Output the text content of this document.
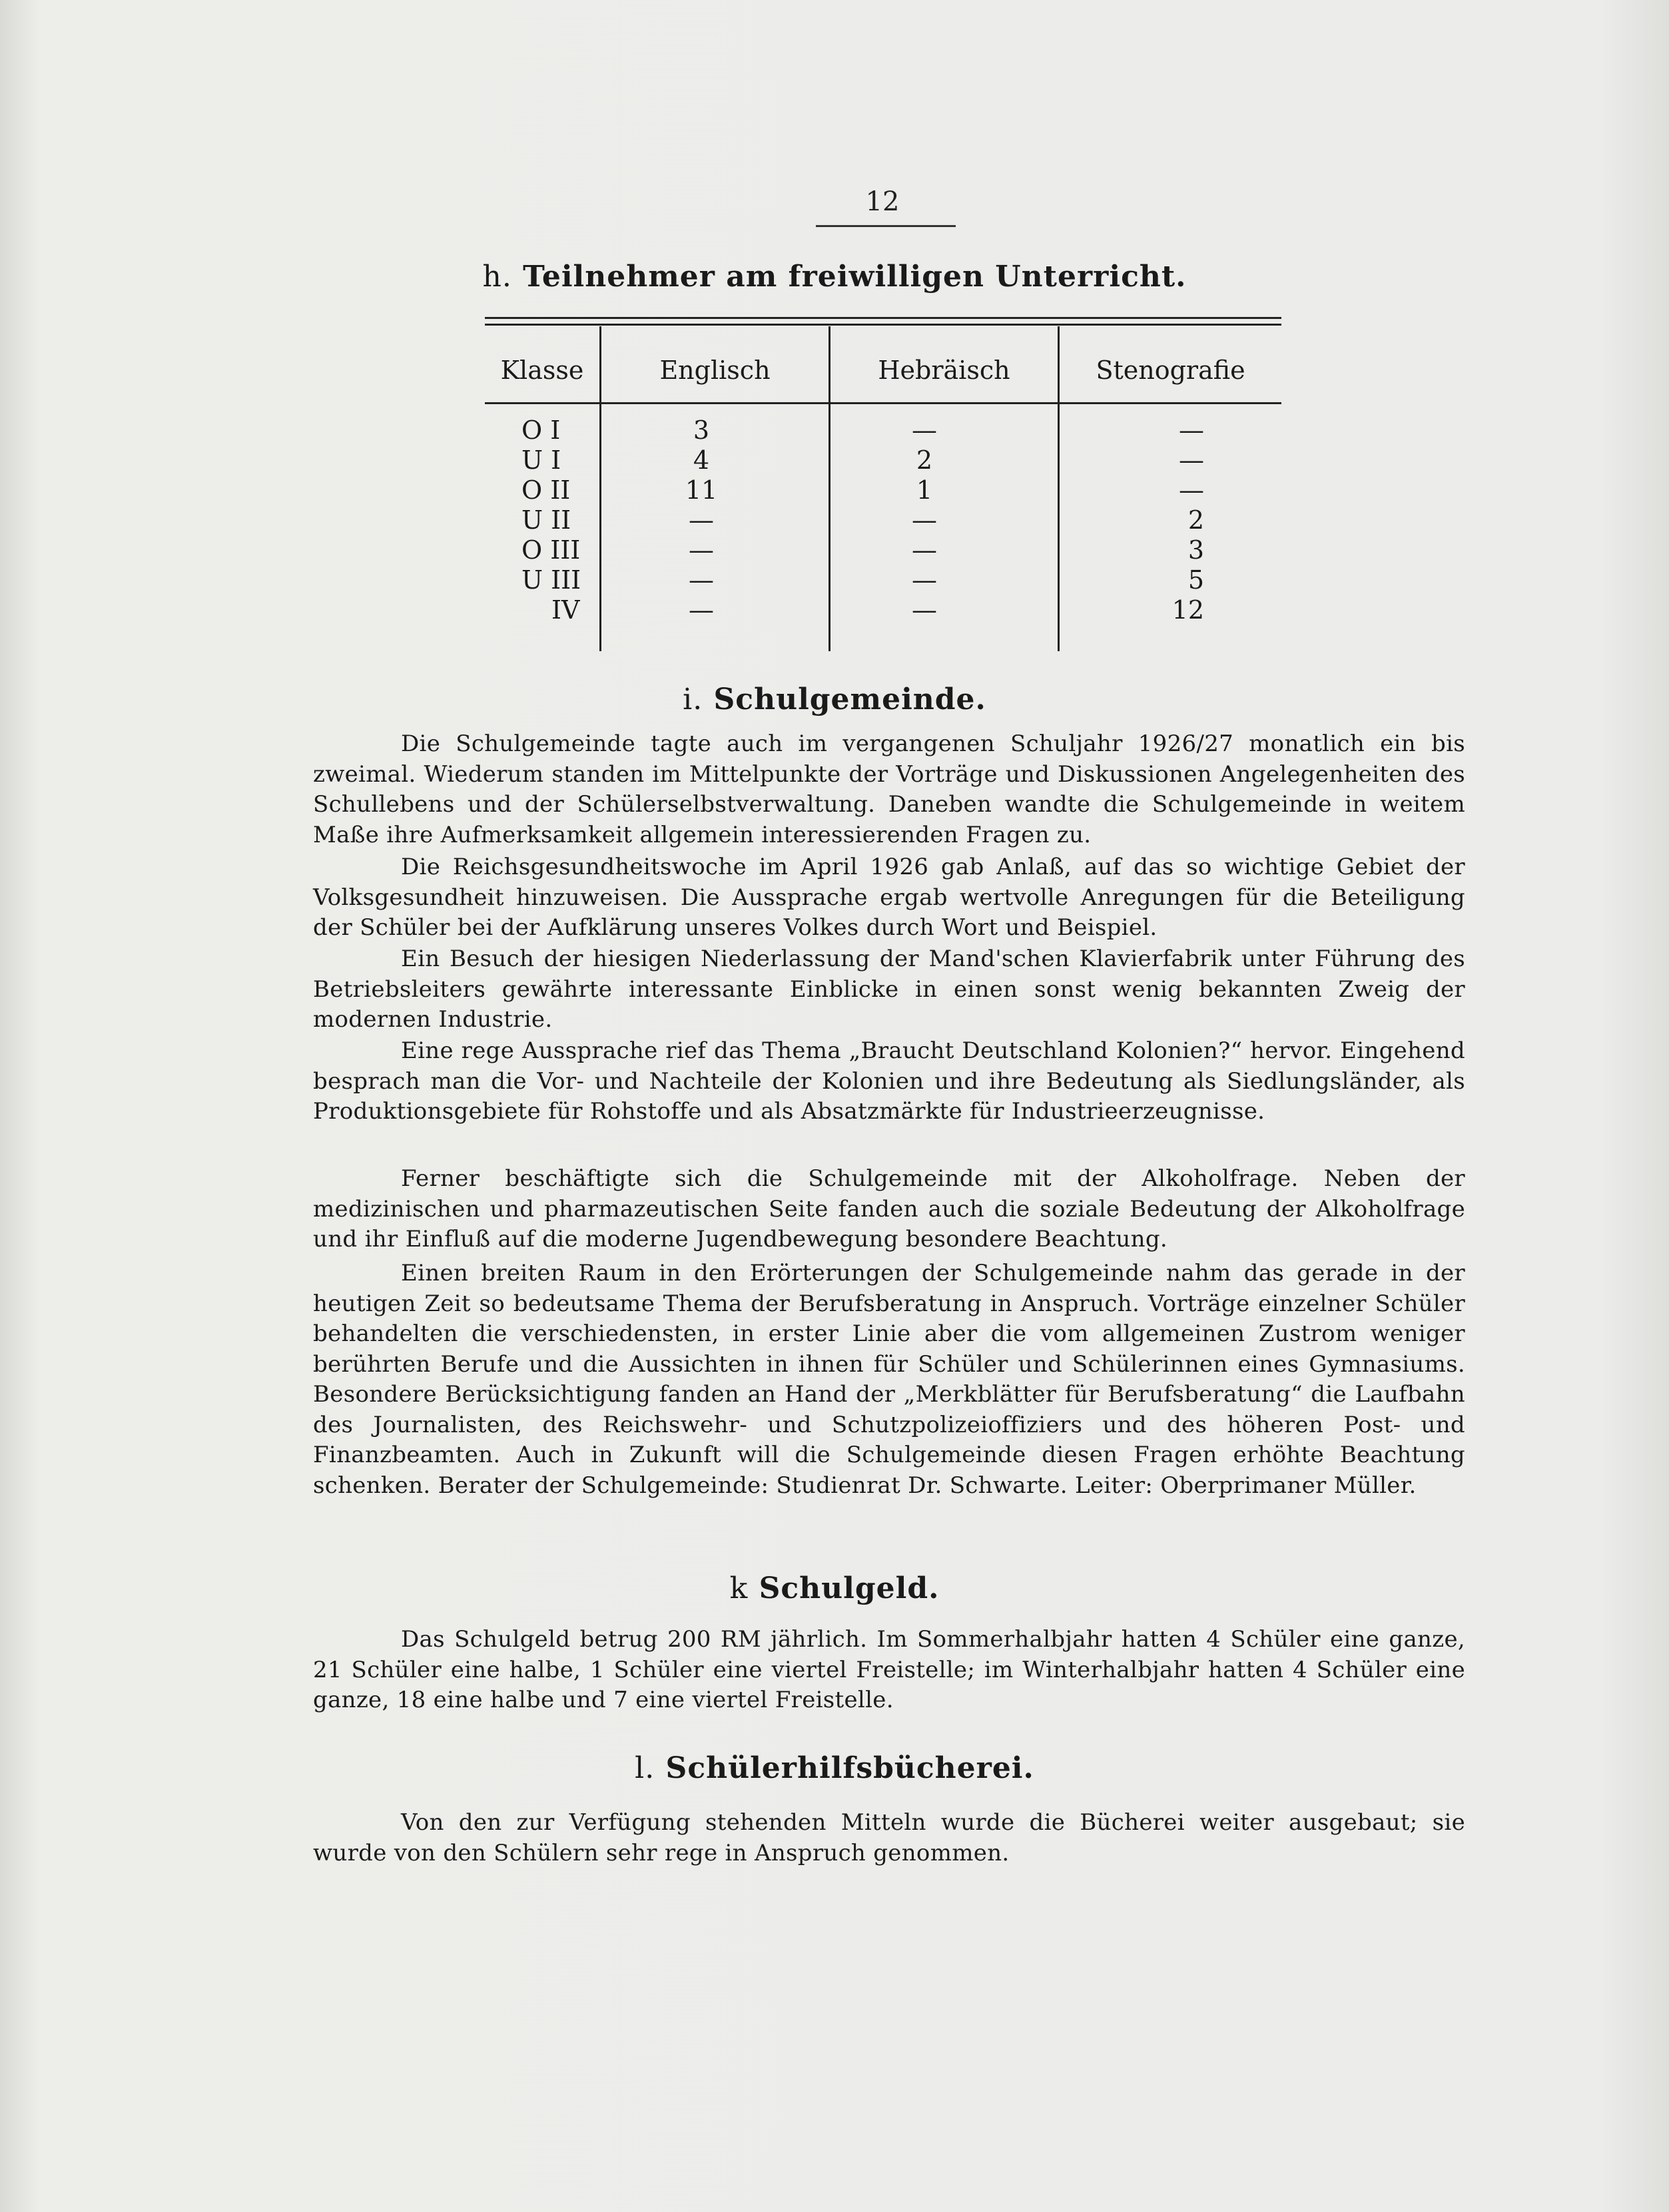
12
h. Teilnehmer am freiwilligen Unterricht.
Klasse	Englisch	Hebräisch	Stenografie
O I	3	—	—
U I	4	2	—
O II	11	1	—
U II	—	—	2
O III	—	—	3
U III	—	—	5
IV	—	—	12
i. Schulgemeinde.

Die Schulgemeinde tagte auch im vergangenen Schuljahr 1926/27 monatlich ein bis zweimal. Wiederum standen im Mittelpunkte der Vorträge und Diskussionen Angelegenheiten des Schullebens und der Schülerselbstverwaltung. Daneben wandte die Schulgemeinde in weitem Maße ihre Aufmerksamkeit allgemein interessierenden Fragen zu.

Die Reichsgesundheitswoche im April 1926 gab Anlaß, auf das so wichtige Gebiet der Volksgesundheit hinzuweisen. Die Aussprache ergab wertvolle Anregungen für die Beteiligung der Schüler bei der Aufklärung unseres Volkes durch Wort und Beispiel.

Ein Besuch der hiesigen Niederlassung der Mand'schen Klavierfabrik unter Führung des Betriebsleiters gewährte interessante Einblicke in einen sonst wenig bekannten Zweig der modernen Industrie.

Eine rege Aussprache rief das Thema „Braucht Deutschland Kolonien?“ hervor. Eingehend besprach man die Vor- und Nachteile der Kolonien und ihre Bedeutung als Siedlungsländer, als Produktionsgebiete für Rohstoffe und als Absatzmärkte für Industrieerzeugnisse.

Ferner beschäftigte sich die Schulgemeinde mit der Alkoholfrage. Neben der medizinischen und pharmazeutischen Seite fanden auch die soziale Bedeutung der Alkoholfrage und ihr Einfluß auf die moderne Jugendbewegung besondere Beachtung.

Einen breiten Raum in den Erörterungen der Schulgemeinde nahm das gerade in der heutigen Zeit so bedeutsame Thema der Berufsberatung in Anspruch. Vorträge einzelner Schüler behandelten die verschiedensten, in erster Linie aber die vom allgemeinen Zustrom weniger berührten Berufe und die Aussichten in ihnen für Schüler und Schülerinnen eines Gymnasiums. Besondere Berücksichtigung fanden an Hand der „Merkblätter für Berufsberatung“ die Laufbahn des Journalisten, des Reichswehr- und Schutzpolizeioffiziers und des höheren Post- und Finanzbeamten. Auch in Zukunft will die Schulgemeinde diesen Fragen erhöhte Beachtung schenken. Berater der Schulgemeinde: Studienrat Dr. Schwarte. Leiter: Oberprimaner Müller.

k Schulgeld.

Das Schulgeld betrug 200 RM jährlich. Im Sommerhalbjahr hatten 4 Schüler eine ganze, 21 Schüler eine halbe, 1 Schüler eine viertel Freistelle; im Winterhalbjahr hatten 4 Schüler eine ganze, 18 eine halbe und 7 eine viertel Freistelle.

l. Schülerhilfsbücherei.

Von den zur Verfügung stehenden Mitteln wurde die Bücherei weiter ausgebaut; sie wurde von den Schülern sehr rege in Anspruch genommen.
